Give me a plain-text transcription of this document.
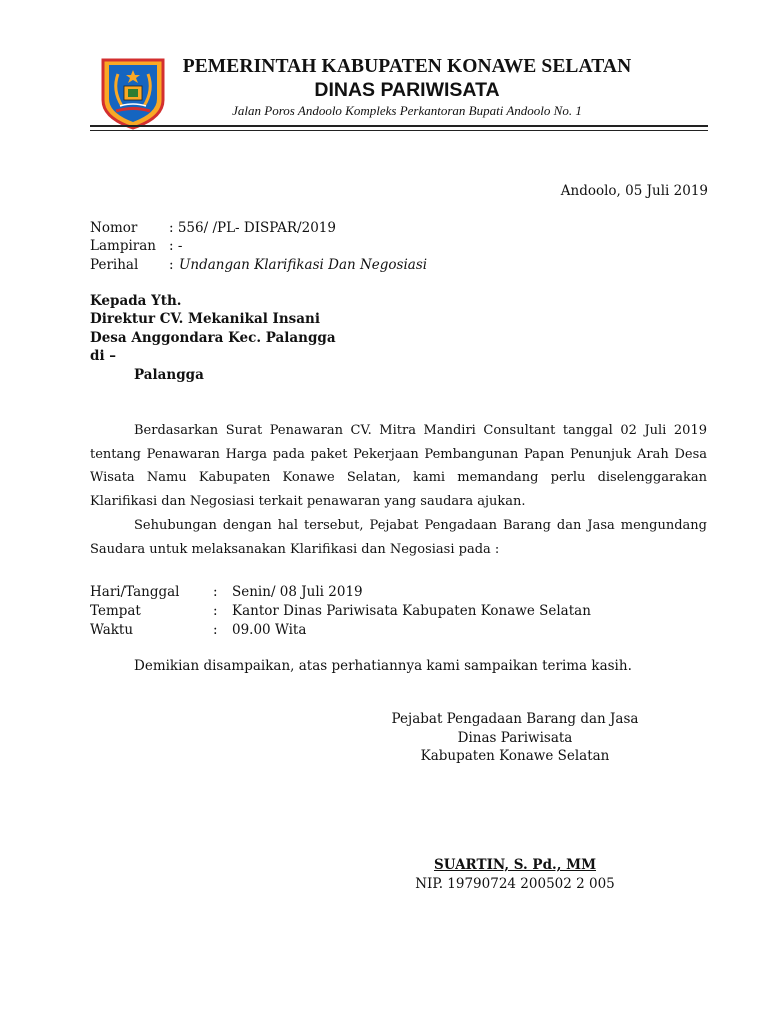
PEMERINTAH KABUPATEN KONAWE SELATAN
DINAS PARIWISATA
Jalan Poros Andoolo Kompleks Perkantoran Bupati Andoolo No. 1
Andoolo, 05 Juli 2019
Nomor : 556/ /PL- DISPAR/2019
Lampiran : -
Perihal : Undangan Klarifikasi Dan Negosiasi
Kepada Yth.
Direktur CV. Mekanikal Insani
Desa Anggondara Kec. Palangga
di –
Palangga
Berdasarkan Surat Penawaran CV. Mitra Mandiri Consultant tanggal 02 Juli 2019 tentang Penawaran Harga pada paket Pekerjaan Pembangunan Papan Penunjuk Arah Desa Wisata Namu Kabupaten Konawe Selatan, kami memandang perlu diselenggarakan Klarifikasi dan Negosiasi terkait penawaran yang saudara ajukan.
Sehubungan dengan hal tersebut, Pejabat Pengadaan Barang dan Jasa mengundang Saudara untuk melaksanakan Klarifikasi dan Negosiasi pada :
Hari/Tanggal : Senin/ 08 Juli 2019
Tempat	: Kantor Dinas Pariwisata Kabupaten Konawe Selatan
Waktu	: 09.00 Wita
Demikian disampaikan, atas perhatiannya kami sampaikan terima kasih.
Pejabat Pengadaan Barang dan Jasa
Dinas Pariwisata
Kabupaten Konawe Selatan
SUARTIN, S. Pd., MM
NIP. 19790724 200502 2 005
